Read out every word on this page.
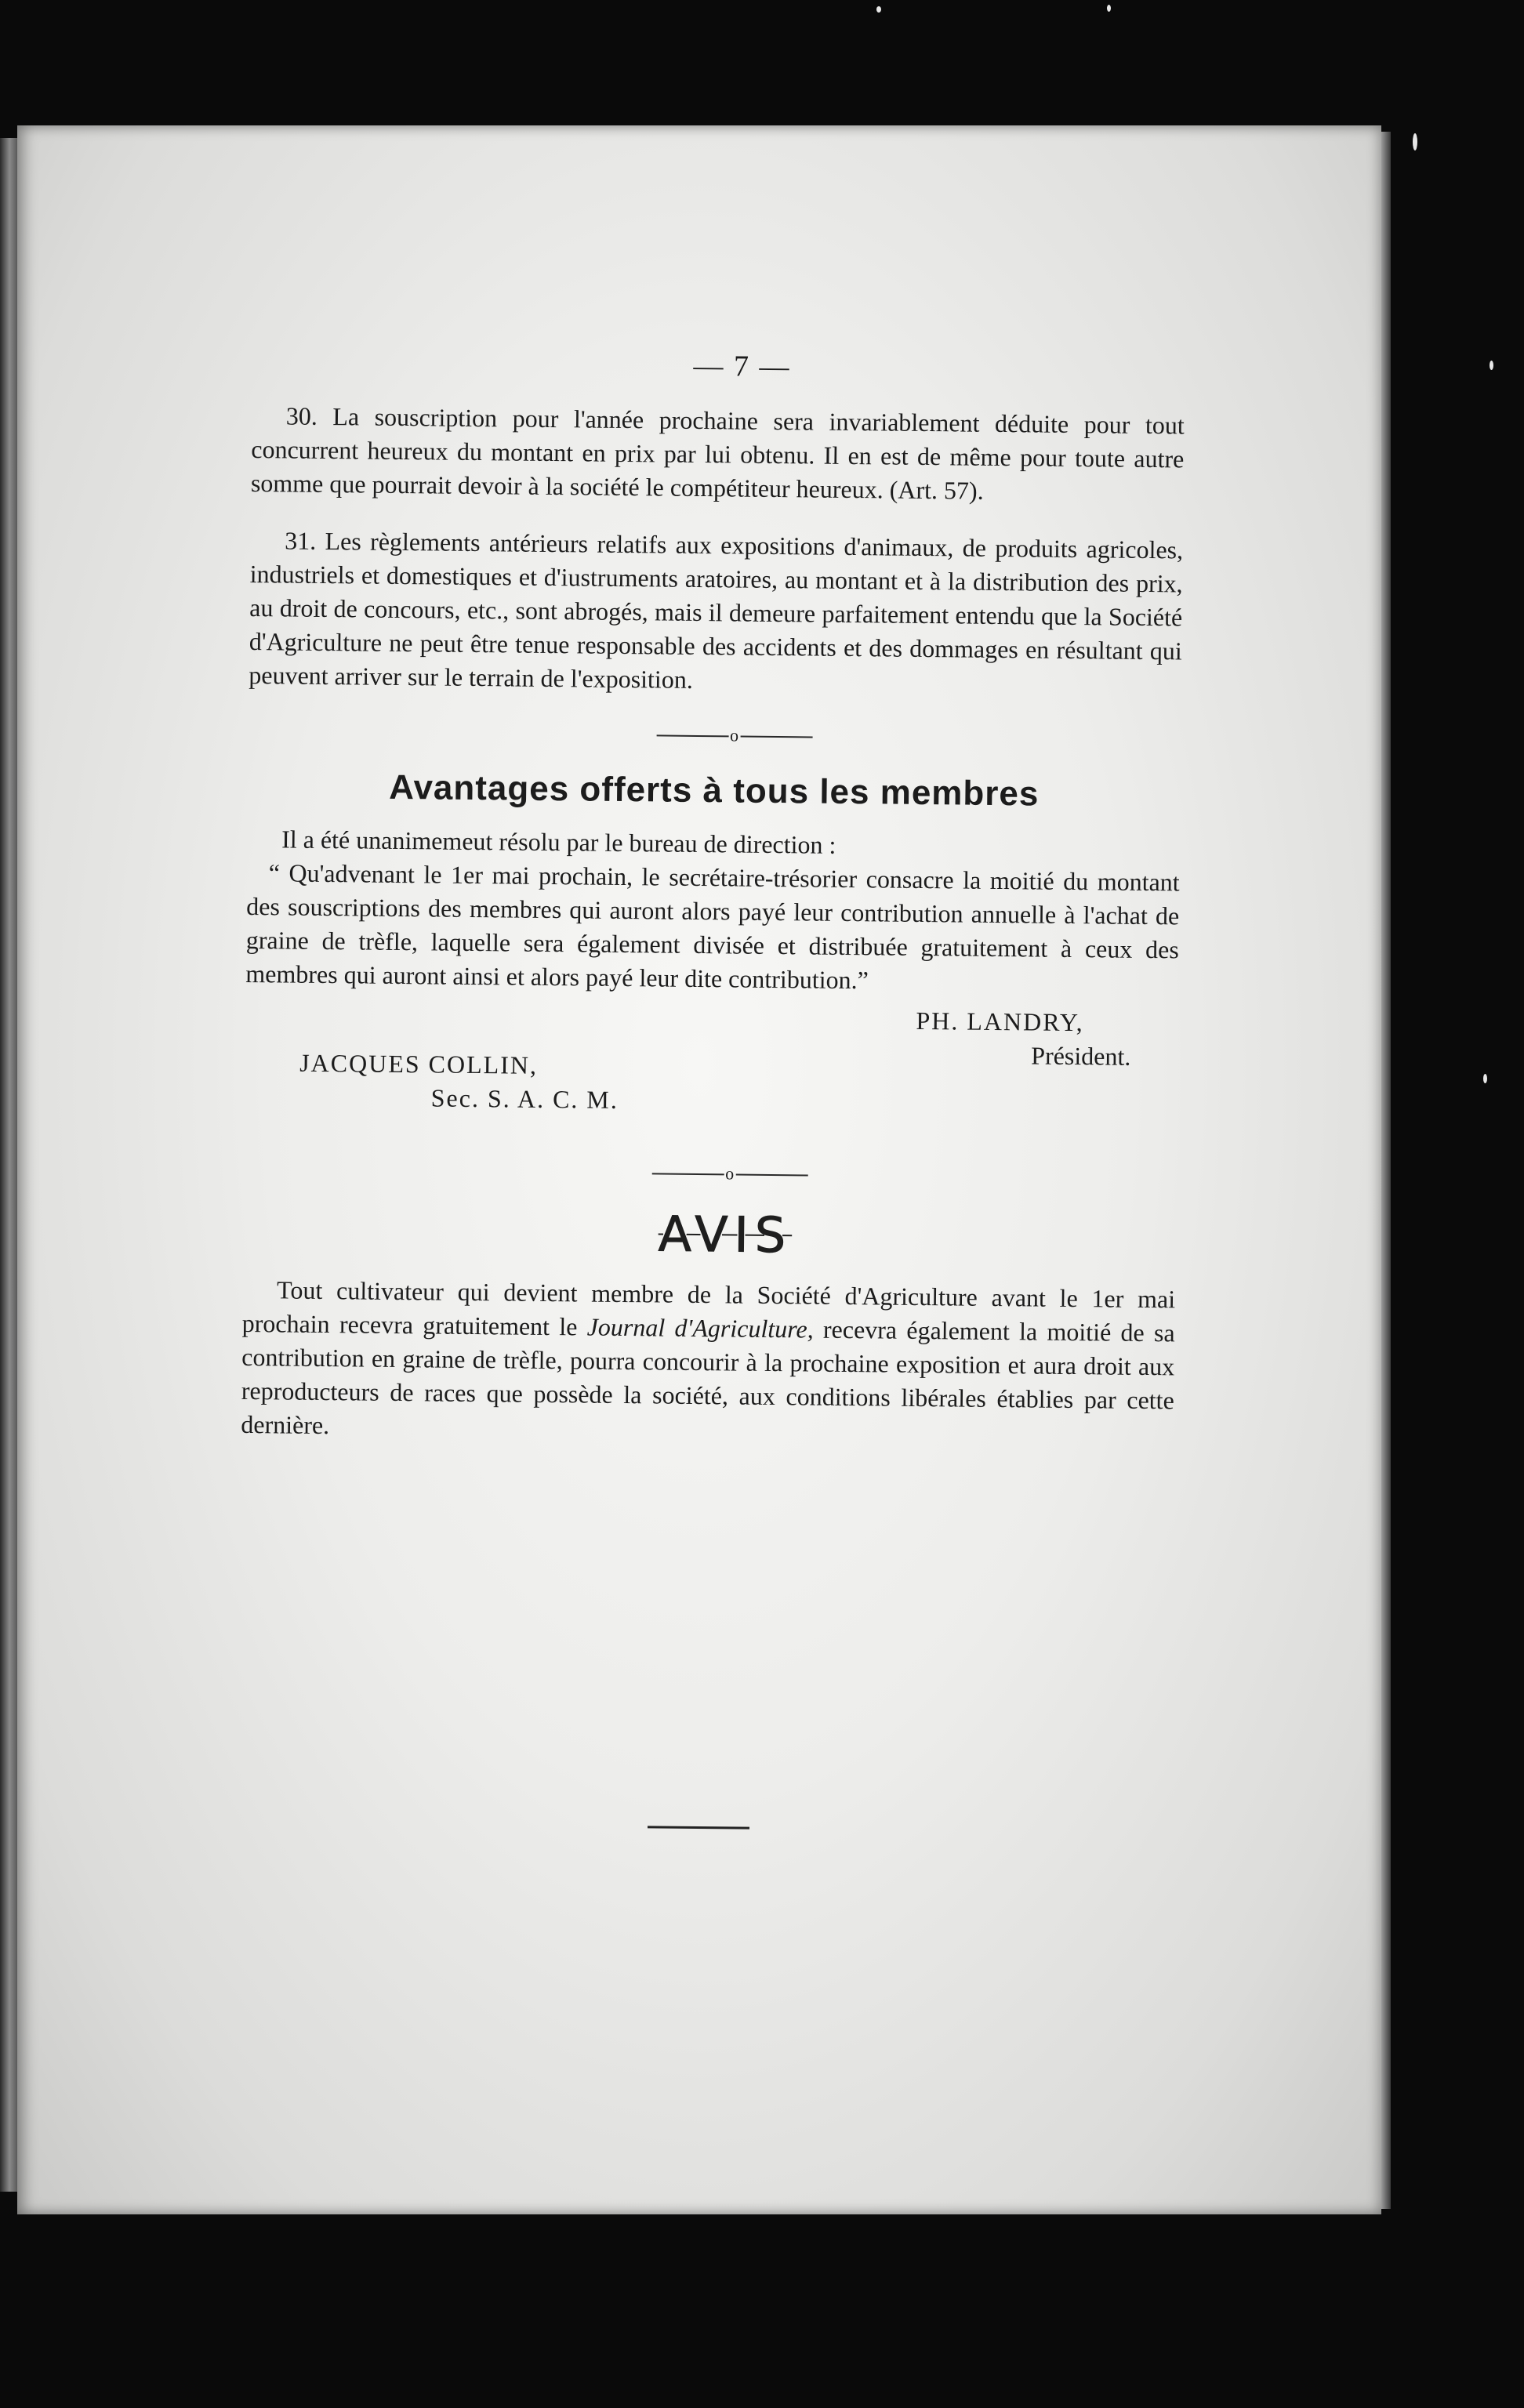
— 7 —

30. La souscription pour l'année prochaine sera invariablement déduite pour tout concurrent heureux du montant en prix par lui obtenu. Il en est de même pour toute autre somme que pourrait devoir à la société le compétiteur heureux. (Art. 57).

31. Les règlements antérieurs relatifs aux expositions d'animaux, de produits agricoles, industriels et domestiques et d'iustruments aratoires, au montant et à la distribution des prix, au droit de concours, etc., sont abrogés, mais il demeure parfaitement entendu que la Société d'Agriculture ne peut être tenue responsable des accidents et des dommages en résultant qui peuvent arriver sur le terrain de l'exposition.

o
Avantages offerts à tous les membres

Il a été unanimemeut résolu par le bureau de direction :

“ Qu'advenant le 1er mai prochain, le secrétaire-trésorier consacre la moitié du montant des souscriptions des membres qui auront alors payé leur contribution annuelle à l'achat de graine de trèfle, laquelle sera également divisée et distribuée gratuitement à ceux des membres qui auront ainsi et alors payé leur dite contribution.”

PH. LANDRY,
Président.
JACQUES COLLIN,
Sec. S. A. C. M.
o
AVIS

Tout cultivateur qui devient membre de la Société d'Agriculture avant le 1er mai prochain recevra gratuitement le Journal d'Agriculture, recevra également la moitié de sa contribution en graine de trèfle, pourra concourir à la prochaine exposition et aura droit aux reproducteurs de races que possède la société, aux conditions libérales établies par cette dernière.
